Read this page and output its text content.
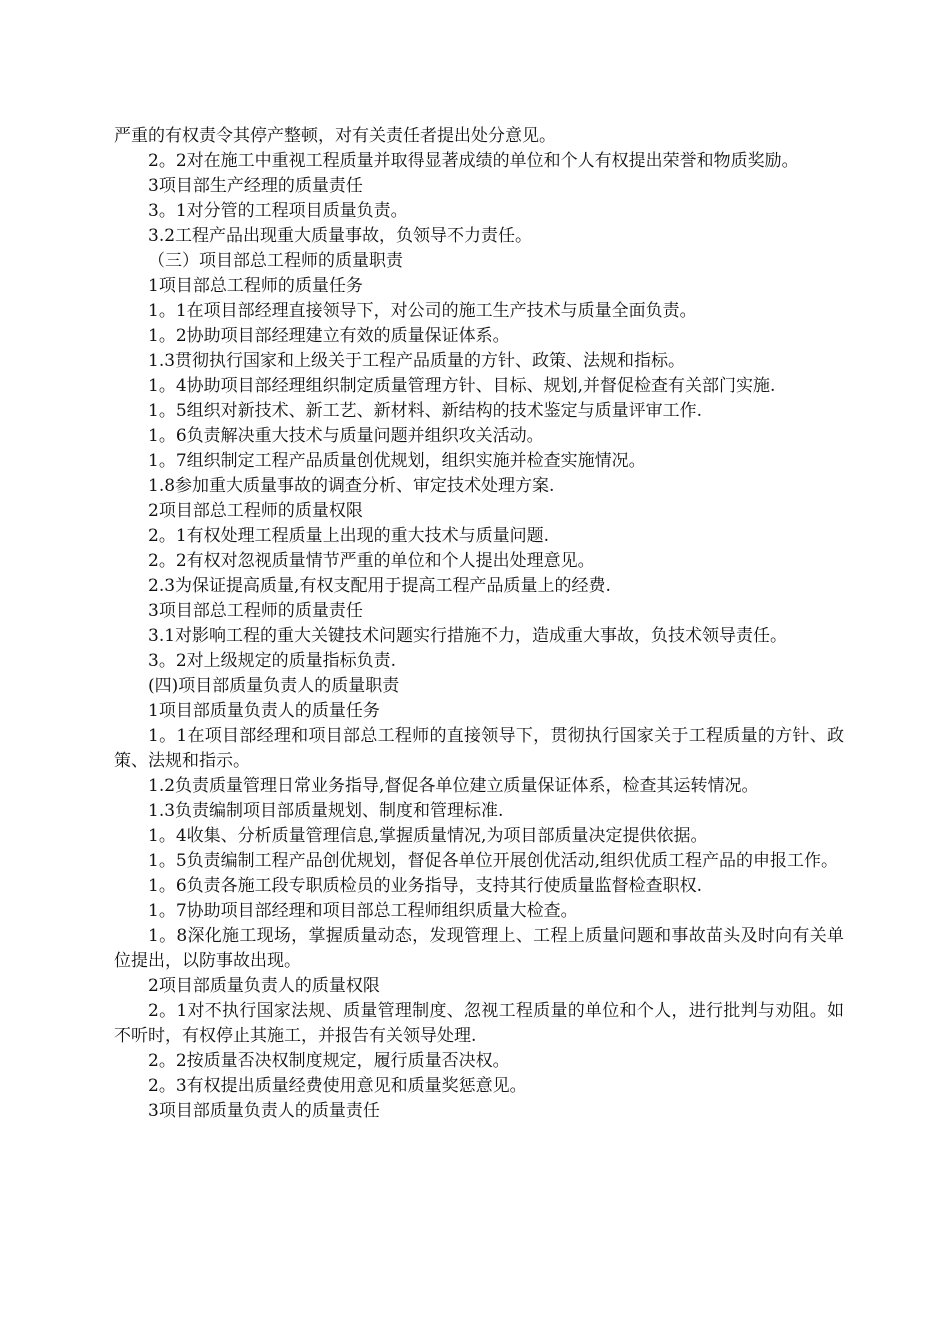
严重的有权责令其停产整顿，对有关责任者提出处分意见。

2。2对在施工中重视工程质量并取得显著成绩的单位和个人有权提出荣誉和物质奖励。

3项目部生产经理的质量责任

3。1对分管的工程项目质量负责。

3.2工程产品出现重大质量事故，负领导不力责任。

（三）项目部总工程师的质量职责

1项目部总工程师的质量任务

1。1在项目部经理直接领导下，对公司的施工生产技术与质量全面负责。

1。2协助项目部经理建立有效的质量保证体系。

1.3贯彻执行国家和上级关于工程产品质量的方针、政策、法规和指标。

1。4协助项目部经理组织制定质量管理方针、目标、规划,并督促检查有关部门实施.

1。5组织对新技术、新工艺、新材料、新结构的技术鉴定与质量评审工作.

1。6负责解决重大技术与质量问题并组织攻关活动。

1。7组织制定工程产品质量创优规划，组织实施并检查实施情况。

1.8参加重大质量事故的调查分析、审定技术处理方案.

2项目部总工程师的质量权限

2。1有权处理工程质量上出现的重大技术与质量问题.

2。2有权对忽视质量情节严重的单位和个人提出处理意见。

2.3为保证提高质量,有权支配用于提高工程产品质量上的经费.

3项目部总工程师的质量责任

3.1对影响工程的重大关键技术问题实行措施不力，造成重大事故，负技术领导责任。

3。2对上级规定的质量指标负责.

(四)项目部质量负责人的质量职责

1项目部质量负责人的质量任务

1。1在项目部经理和项目部总工程师的直接领导下，贯彻执行国家关于工程质量的方针、政策、法规和指示。

1.2负责质量管理日常业务指导,督促各单位建立质量保证体系，检查其运转情况。

1.3负责编制项目部质量规划、制度和管理标准.

1。4收集、分析质量管理信息,掌握质量情况,为项目部质量决定提供依据。

1。5负责编制工程产品创优规划，督促各单位开展创优活动,组织优质工程产品的申报工作。

1。6负责各施工段专职质检员的业务指导，支持其行使质量监督检查职权.

1。7协助项目部经理和项目部总工程师组织质量大检查。

1。8深化施工现场，掌握质量动态，发现管理上、工程上质量问题和事故苗头及时向有关单位提出，以防事故出现。

2项目部质量负责人的质量权限

2。1对不执行国家法规、质量管理制度、忽视工程质量的单位和个人，进行批判与劝阻。如不听时，有权停止其施工，并报告有关领导处理.

2。2按质量否决权制度规定，履行质量否决权。

2。3有权提出质量经费使用意见和质量奖惩意见。

3项目部质量负责人的质量责任
